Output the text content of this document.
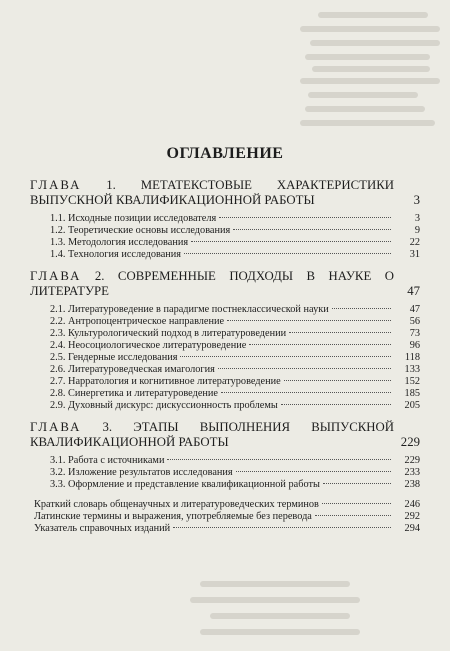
ОГЛАВЛЕНИЕ
ГЛАВА 1. МЕТАТЕКСТОВЫЕ ХАРАКТЕРИСТИКИ ВЫПУСКНОЙ КВАЛИФИКАЦИОННОЙ РАБОТЫ	3
1.1. Исходные позиции исследователя	3
1.2. Теоретические основы исследования	9
1.3. Методология исследования	22
1.4. Технология исследования	31
ГЛАВА 2. СОВРЕМЕННЫЕ ПОДХОДЫ В НАУКЕ О ЛИТЕРАТУРЕ	47
2.1. Литературоведение в парадигме постнеклассической науки	47
2.2. Антропоцентрическое направление	56
2.3. Культурологический подход в литературоведении	73
2.4. Неосоциологическое литературоведение	96
2.5. Гендерные исследования	118
2.6. Литературоведческая имагология	133
2.7. Нарратология и когнитивное литературоведение	152
2.8. Синергетика и литературоведение	185
2.9. Духовный дискурс: дискуссионность проблемы	205
ГЛАВА 3. ЭТАПЫ ВЫПОЛНЕНИЯ ВЫПУСКНОЙ КВАЛИФИКАЦИОННОЙ РАБОТЫ	229
3.1. Работа с источниками	229
3.2. Изложение результатов исследования	233
3.3. Оформление и представление квалификационной работы	238
Краткий словарь общенаучных и литературоведческих терминов	246
Латинские термины и выражения, употребляемые без перевода	292
Указатель справочных изданий	294
